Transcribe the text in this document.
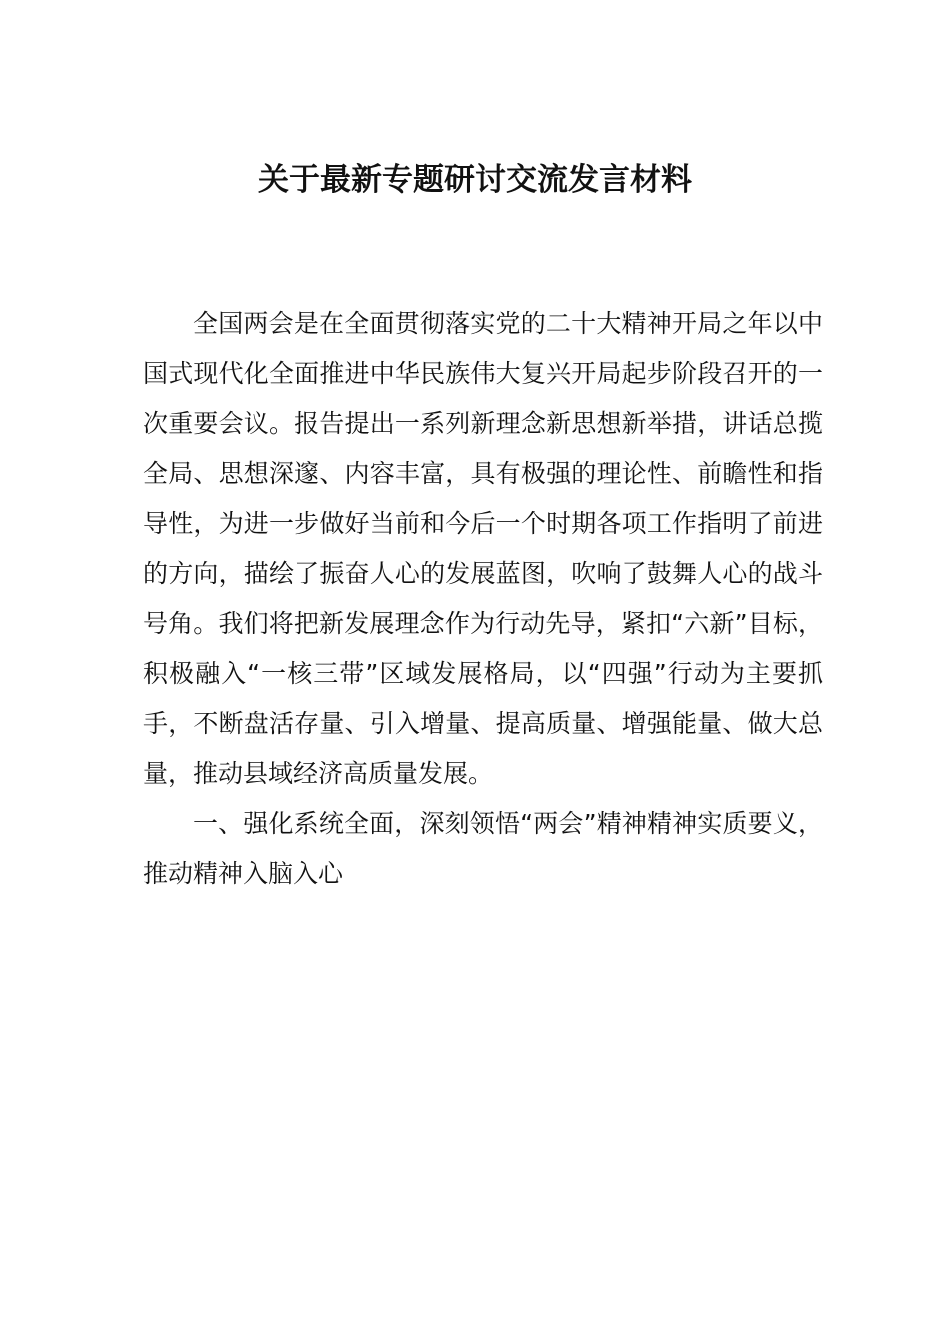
关于最新专题研讨交流发言材料

全国两会是在全面贯彻落实党的二十大精神开局之年以中国式现代化全面推进中华民族伟大复兴开局起步阶段召开的一次重要会议。报告提出一系列新理念新思想新举措，讲话总揽全局、思想深邃、内容丰富，具有极强的理论性、前瞻性和指导性，为进一步做好当前和今后一个时期各项工作指明了前进的方向，描绘了振奋人心的发展蓝图，吹响了鼓舞人心的战斗号角。我们将把新发展理念作为行动先导，紧扣“六新”目标，积极融入“一核三带”区域发展格局，以“四强”行动为主要抓手，不断盘活存量、引入增量、提高质量、增强能量、做大总量，推动县域经济高质量发展。

一、强化系统全面，深刻领悟“两会”精神精神实质要义，推动精神入脑入心
